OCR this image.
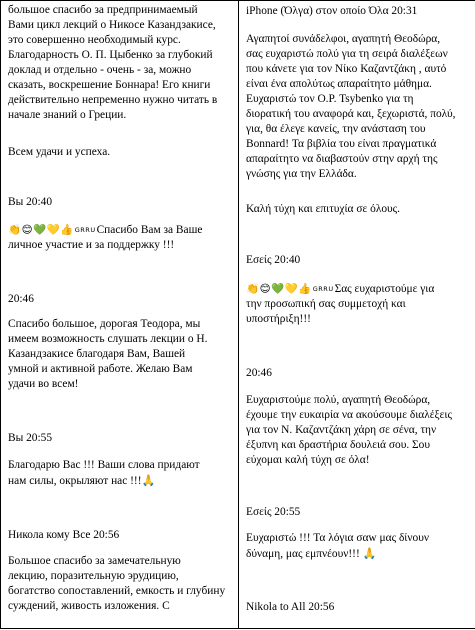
большое спасибо за предпринимаемый
Вами цикл лекций о Никосе Казандзакисе,
это совершенно необходимый курс.
Благодарность О. П. Цыбенко за глубокий
доклад и отдельно - очень - за, можно
сказать, воскрешение Боннара! Его книги
действительно непременно нужно читать в
начале знаний о Греции.
Всем удачи и успеха.
Вы 20:40
👏😊💚💛👍GRRUСпасибо Вам за Ваше
личное участие и за поддержку !!!
20:46
Спасибо большое, дорогая Теодора, мы
имеем возможность слушать лекции о Н.
Казандзакисе благодаря Вам, Вашей
умной и активной работе. Желаю Вам
удачи во всем!
Вы 20:55
Благодарю Вас !!! Ваши слова придают
нам силы, окрыляют нас !!!🙏
Никола кому Все 20:56
Большое спасибо за замечательную
лекцию, поразительную эрудицию,
богатство сопоставлений, емкость и глубину
суждений, живость изложения. С

iPhone (Όλγα) στον οποίο Όλα 20:31
Αγαπητοί συνάδελφοι, αγαπητή Θεοδώρα,
σας ευχαριστώ πολύ για τη σειρά διαλέξεων
που κάνετε για τον Νίκο Καζαντζάκη , αυτό
είναι ένα απολύτως απαραίτητο μάθημα.
Ευχαριστώ τον O.P. Tsybenko για τη
διορατική του αναφορά και, ξεχωριστά, πολύ,
για, θα έλεγε κανείς, την ανάσταση του
Bonnard! Τα βιβλία του είναι πραγματικά
απαραίτητο να διαβαστούν στην αρχή της
γνώσης για την Ελλάδα.
Καλή τύχη και επιτυχία σε όλους.
Εσείς 20:40
👏😊💚💛👍GRRUΣας ευχαριστούμε για
την προσωπική σας συμμετοχή και
υποστήριξη!!!
20:46
Ευχαριστούμε πολύ, αγαπητή Θεοδώρα,
έχουμε την ευκαιρία να ακούσουμε διαλέξεις
για τον Ν. Καζαντζάκη χάρη σε σένα, την
έξυπνη και δραστήρια δουλειά σου. Σου
εύχομαι καλή τύχη σε όλα!
Εσείς 20:55
Ευχαριστώ !!! Τα λόγια σαw μας δίνουν
δύναμη, μας εμπνέουν!!! 🙏
Nikola to All 20:56
